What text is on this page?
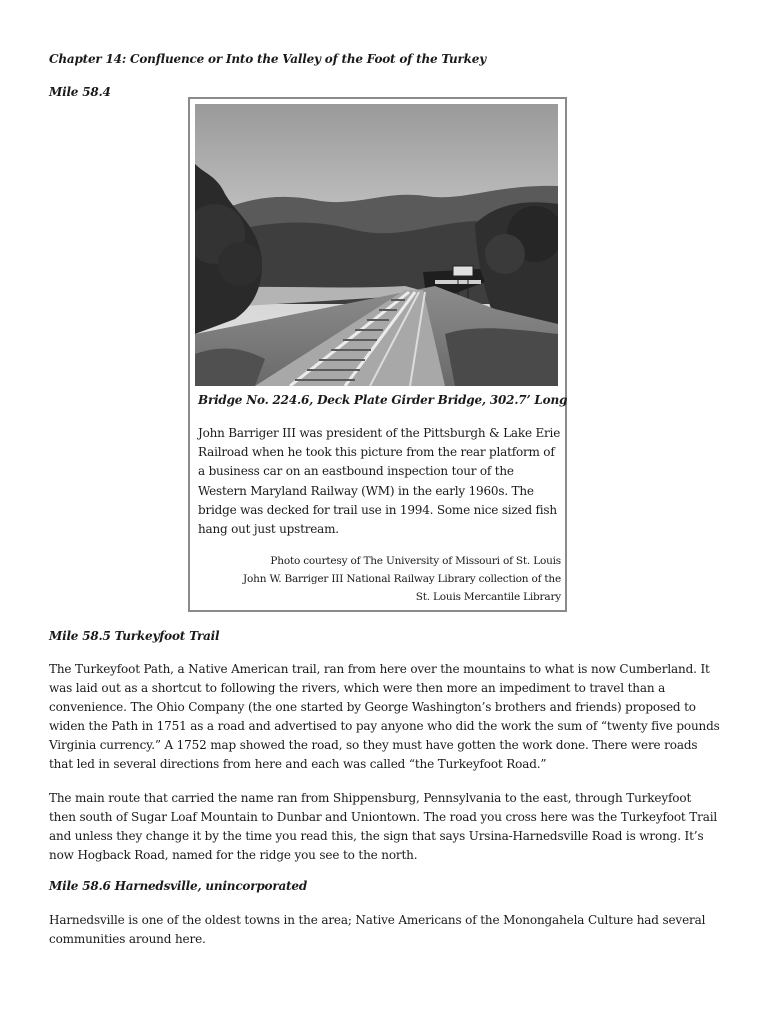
Chapter 14: Confluence or Into the Valley of the Foot of the Turkey
Mile 58.4
Bridge No. 224.6, Deck Plate Girder Bridge, 302.7’ Long

John Barriger III was president of the Pittsburgh & Lake Erie Railroad when he took this picture from the rear platform of a business car on an eastbound inspection tour of the Western Maryland Railway (WM) in the early 1960s. The bridge was decked for trail use in 1994. Some nice sized fish hang out just upstream.

Photo courtesy of The University of Missouri of St. Louis
John W. Barriger III National Railway Library collection of the
St. Louis Mercantile Library
Mile 58.5 Turkeyfoot Trail

The Turkeyfoot Path, a Native American trail, ran from here over the mountains to what is now Cumberland. It was laid out as a shortcut to following the rivers, which were then more an impediment to travel than a convenience. The Ohio Company (the one started by George Washington’s brothers and friends) proposed to widen the Path in 1751 as a road and advertised to pay anyone who did the work the sum of “twenty five pounds Virginia currency.” A 1752 map showed the road, so they must have gotten the work done. There were roads that led in several directions from here and each was called “the Turkeyfoot Road.”

The main route that carried the name ran from Shippensburg, Pennsylvania to the east, through Turkeyfoot then south of Sugar Loaf Mountain to Dunbar and Uniontown. The road you cross here was the Turkeyfoot Trail and unless they change it by the time you read this, the sign that says Ursina-Harnedsville Road is wrong. It’s now Hogback Road, named for the ridge you see to the north.

Mile 58.6 Harnedsville, unincorporated

Harnedsville is one of the oldest towns in the area; Native Americans of the Monongahela Culture had several communities around here.
